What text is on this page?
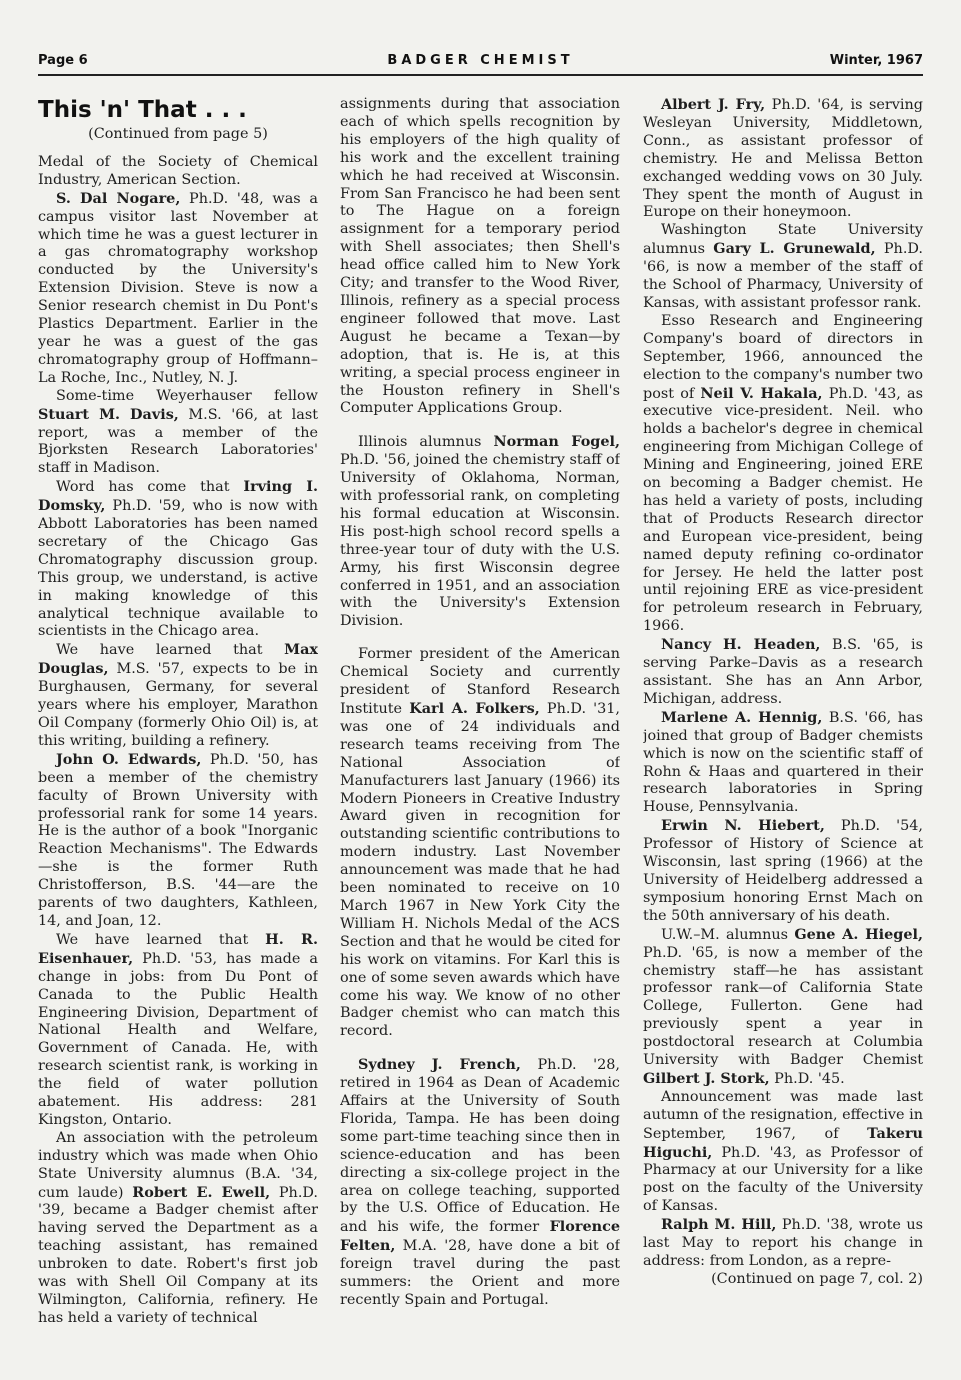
Page 6	BADGER CHEMIST	Winter, 1967
This 'n' That . . .
(Continued from page 5)

Medal of the Society of Chemical Industry, American Section.

S. Dal Nogare, Ph.D. '48, was a campus visitor last November at which time he was a guest lecturer in a gas chromatography workshop conducted by the University's Extension Division. Steve is now a Senior research chemist in Du Pont's Plastics Department. Earlier in the year he was a guest of the gas chromatography group of Hoffmann–La Roche, Inc., Nutley, N. J.

Some-time Weyerhauser fellow Stuart M. Davis, M.S. '66, at last report, was a member of the Bjorksten Research Laboratories' staff in Madison.

Word has come that Irving I. Domsky, Ph.D. '59, who is now with Abbott Laboratories has been named secretary of the Chicago Gas Chromatography discussion group. This group, we understand, is active in making knowledge of this analytical technique available to scientists in the Chicago area.

We have learned that Max Douglas, M.S. '57, expects to be in Burghausen, Germany, for several years where his employer, Marathon Oil Company (formerly Ohio Oil) is, at this writing, building a refinery.

John O. Edwards, Ph.D. '50, has been a member of the chemistry faculty of Brown University with professorial rank for some 14 years. He is the author of a book "Inorganic Reaction Mechanisms". The Edwards—she is the former Ruth Christofferson, B.S. '44—are the parents of two daughters, Kathleen, 14, and Joan, 12.

We have learned that H. R. Eisenhauer, Ph.D. '53, has made a change in jobs: from Du Pont of Canada to the Public Health Engineering Division, Department of National Health and Welfare, Government of Canada. He, with research scientist rank, is working in the field of water pollution abatement. His address: 281 Kingston, Ontario.

An association with the petroleum industry which was made when Ohio State University alumnus (B.A. '34, cum laude) Robert E. Ewell, Ph.D. '39, became a Badger chemist after having served the Department as a teaching assistant, has remained unbroken to date. Robert's first job was with Shell Oil Company at its Wilmington, California, refinery. He has held a variety of technical

assignments during that association each of which spells recognition by his employers of the high quality of his work and the excellent training which he had received at Wisconsin. From San Francisco he had been sent to The Hague on a foreign assignment for a temporary period with Shell associates; then Shell's head office called him to New York City; and transfer to the Wood River, Illinois, refinery as a special process engineer followed that move. Last August he became a Texan—by adoption, that is. He is, at this writing, a special process engineer in the Houston refinery in Shell's Computer Applications Group.

Illinois alumnus Norman Fogel, Ph.D. '56, joined the chemistry staff of University of Oklahoma, Norman, with professorial rank, on completing his formal education at Wisconsin. His post-high school record spells a three-year tour of duty with the U.S. Army, his first Wisconsin degree conferred in 1951, and an association with the University's Extension Division.

Former president of the American Chemical Society and currently president of Stanford Research Institute Karl A. Folkers, Ph.D. '31, was one of 24 individuals and research teams receiving from The National Association of Manufacturers last January (1966) its Modern Pioneers in Creative Industry Award given in recognition for outstanding scientific contributions to modern industry. Last November announcement was made that he had been nominated to receive on 10 March 1967 in New York City the William H. Nichols Medal of the ACS Section and that he would be cited for his work on vitamins. For Karl this is one of some seven awards which have come his way. We know of no other Badger chemist who can match this record.

Sydney J. French, Ph.D. '28, retired in 1964 as Dean of Academic Affairs at the University of South Florida, Tampa. He has been doing some part-time teaching since then in science-education and has been directing a six-college project in the area on college teaching, supported by the U.S. Office of Education. He and his wife, the former Florence Felten, M.A. '28, have done a bit of foreign travel during the past summers: the Orient and more recently Spain and Portugal.

Albert J. Fry, Ph.D. '64, is serving Wesleyan University, Middletown, Conn., as assistant professor of chemistry. He and Melissa Betton exchanged wedding vows on 30 July. They spent the month of August in Europe on their honeymoon.

Washington State University alumnus Gary L. Grunewald, Ph.D. '66, is now a member of the staff of the School of Pharmacy, University of Kansas, with assistant professor rank.

Esso Research and Engineering Company's board of directors in September, 1966, announced the election to the company's number two post of Neil V. Hakala, Ph.D. '43, as executive vice-president. Neil. who holds a bachelor's degree in chemical engineering from Michigan College of Mining and Engineering, joined ERE on becoming a Badger chemist. He has held a variety of posts, including that of Products Research director and European vice-president, being named deputy refining co-ordinator for Jersey. He held the latter post until rejoining ERE as vice-president for petroleum research in February, 1966.

Nancy H. Headen, B.S. '65, is serving Parke–Davis as a research assistant. She has an Ann Arbor, Michigan, address.

Marlene A. Hennig, B.S. '66, has joined that group of Badger chemists which is now on the scientific staff of Rohn & Haas and quartered in their research laboratories in Spring House, Pennsylvania.

Erwin N. Hiebert, Ph.D. '54, Professor of History of Science at Wisconsin, last spring (1966) at the University of Heidelberg addressed a symposium honoring Ernst Mach on the 50th anniversary of his death.

U.W.–M. alumnus Gene A. Hiegel, Ph.D. '65, is now a member of the chemistry staff—he has assistant professor rank—of California State College, Fullerton. Gene had previously spent a year in postdoctoral research at Columbia University with Badger Chemist Gilbert J. Stork, Ph.D. '45.

Announcement was made last autumn of the resignation, effective in September, 1967, of Takeru Higuchi, Ph.D. '43, as Professor of Pharmacy at our University for a like post on the faculty of the University of Kansas.

Ralph M. Hill, Ph.D. '38, wrote us last May to report his change in address: from London, as a repre-

(Continued on page 7, col. 2)
